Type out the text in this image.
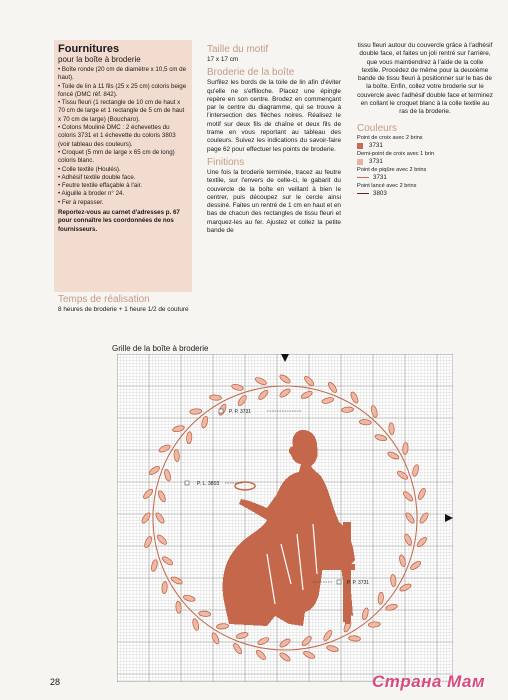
Fournitures

pour la boîte à broderie

• Boîte ronde (20 cm de diamètre x 10,5 cm de haut).
• Toile de lin à 11 fils (25 x 25 cm) coloris beige foncé (DMC réf. 842).
• Tissu fleuri (1 rectangle de 10 cm de haut x 70 cm de large et 1 rectangle de 5 cm de haut x 70 cm de large) (Boucharo).
• Cotons Mouliné DMC : 2 échevettes du coloris 3731 et 1 échevette du coloris 3803 (voir tableau des couleurs).
• Croquet (5 mm de large x 65 cm de long) coloris blanc.
• Colle textile (Houlés).
• Adhésif textile double face.
• Feutre textile effaçable à l'air.
• Aiguille à broder n° 24.
• Fer à repasser.

Reportez-vous au carnet d'adresses p. 67 pour connaître les coordonnées de nos fournisseurs.

Temps de réalisation

8 heures de broderie + 1 heure 1/2 de couture

Taille du motif

17 x 17 cm

Broderie de la boîte

Surfilez les bords de la toile de lin afin d'éviter qu'elle ne s'effiloche. Placez une épingle repère en son centre. Brodez en commençant par le centre du diagramme, qui se trouve à l'intersection des flèches noires. Réalisez le motif sur deux fils de chaîne et deux fils de trame en vous reportant au tableau des couleurs. Suivez les indications du savoir-faire page 62 pour effectuer les points de broderie.

Finitions

Une fois la broderie terminée, tracez au feutre textile, sur l'envers de celle-ci, le gabarit du couvercle de la boîte en veillant à bien le centrer, puis découpez sur le cercle ainsi dessiné. Faites un rentré de 1 cm en haut et en bas de chacun des rectangles de tissu fleuri et marquez-les au fer. Ajustez et collez la petite bande de

tissu fleuri autour du couvercle grâce à l'adhésif double face, et faites un joli rentré sur l'arrière, que vous maintiendrez à l'aide de la colle textile. Procédez de même pour la deuxième bande de tissu fleuri à positionner sur le bas de la boîte. Enfin, collez votre broderie sur le couvercle avec l'adhésif double face et terminez en collant le croquet blanc à la colle textile au ras de la broderie.

Couleurs

Point de croix avec 2 brins

3731

Demi-point de croix avec 1 brin

3731

Point de piqûre avec 2 brins

3731

Point lancé avec 2 brins

3803

Grille de la boîte à broderie

P. P. 3731
P. L. 3803
P. P. 3731

28	Страна Мам
